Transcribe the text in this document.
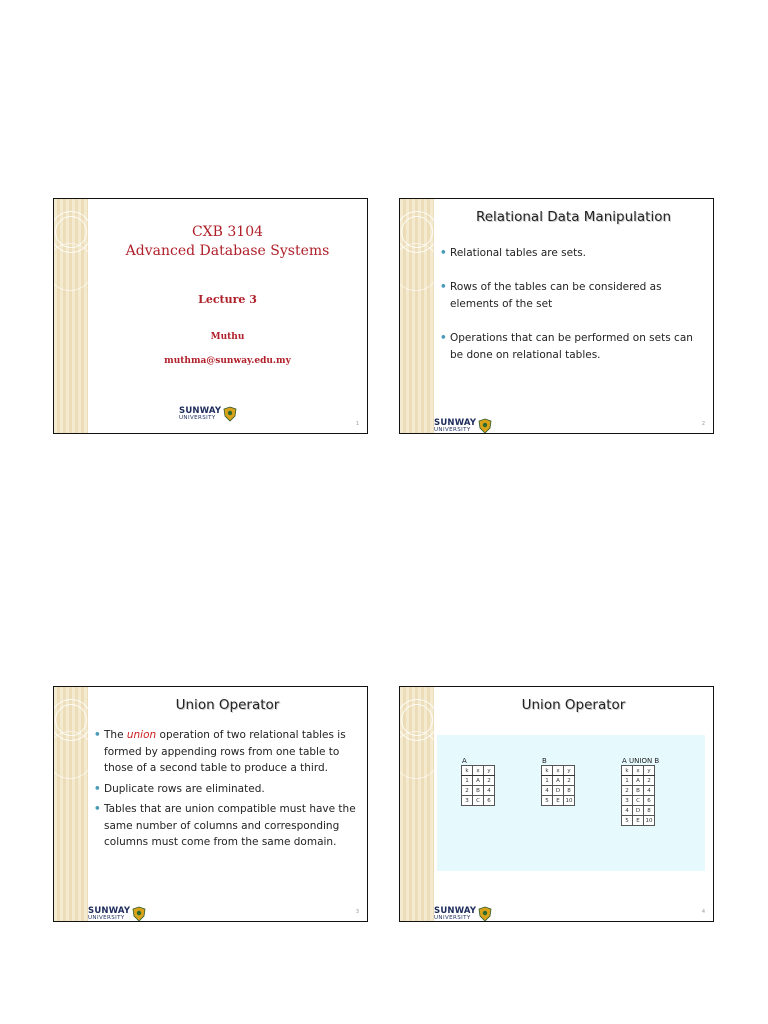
CXB 3104
Advanced Database Systems
Lecture 3
Muthu
muthma@sunway.edu.my
SUNWAY
UNIVERSITY
1
Relational Data Manipulation
• Relational tables are sets.
• Rows of the tables can be considered as elements of the set
• Operations that can be performed on sets can be done on relational tables.
SUNWAY
UNIVERSITY
2
Union Operator
• The union operation of two relational tables is formed by appending rows from one table to those of a second table to produce a third.
• Duplicate rows are eliminated.
• Tables that are union compatible must have the same number of columns and corresponding columns must come from the same domain.
SUNWAY
UNIVERSITY
3
Union Operator
A
k	x	y
1	A	2
2	B	4
3	C	6
B
k	x	y
1	A	2
4	D	8
5	E	10
A UNION B
k	x	y
1	A	2
2	B	4
3	C	6
4	D	8
5	E	10
SUNWAY
UNIVERSITY
4
